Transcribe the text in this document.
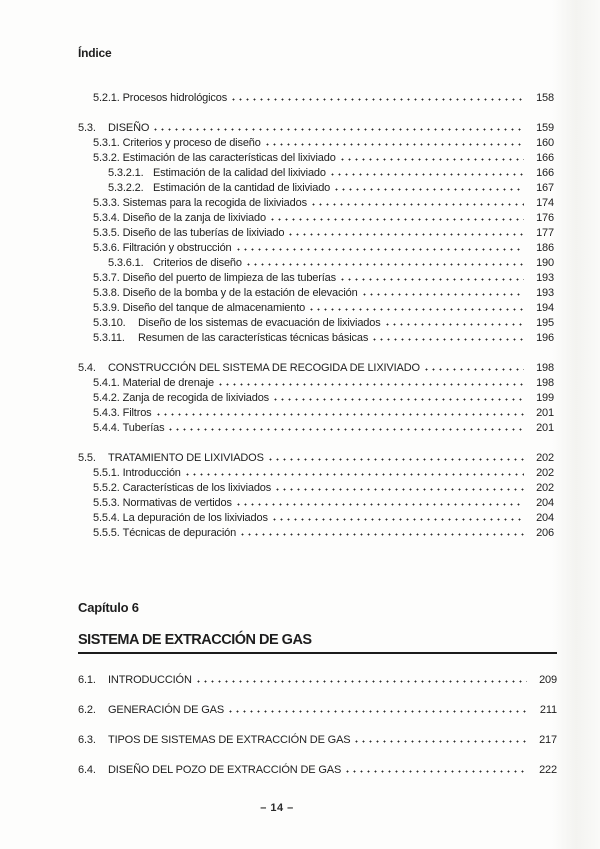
Índice
5.2.1. Procesos hidrológicos	158
5.3.	DISEÑO	159
5.3.1. Criterios y proceso de diseño	160
5.3.2. Estimación de las características del lixiviado	166
5.3.2.1. Estimación de la calidad del lixiviado	166
5.3.2.2. Estimación de la cantidad de lixiviado	167
5.3.3. Sistemas para la recogida de lixiviados	174
5.3.4. Diseño de la zanja de lixiviado	176
5.3.5. Diseño de las tuberías de lixiviado	177
5.3.6. Filtración y obstrucción	186
5.3.6.1. Criterios de diseño	190
5.3.7. Diseño del puerto de limpieza de las tuberías	193
5.3.8. Diseño de la bomba y de la estación de elevación	193
5.3.9. Diseño del tanque de almacenamiento	194
5.3.10.	Diseño de los sistemas de evacuación de lixiviados	195
5.3.11.	Resumen de las características técnicas básicas	196
5.4.	CONSTRUCCIÓN DEL SISTEMA DE RECOGIDA DE LIXIVIADO	198
5.4.1. Material de drenaje	198
5.4.2. Zanja de recogida de lixiviados	199
5.4.3. Filtros	201
5.4.4. Tuberías	201
5.5.	TRATAMIENTO DE LIXIVIADOS	202
5.5.1. Introducción	202
5.5.2. Características de los lixiviados	202
5.5.3. Normativas de vertidos	204
5.5.4. La depuración de los lixiviados	204
5.5.5. Técnicas de depuración	206
Capítulo 6
SISTEMA DE EXTRACCIÓN DE GAS
6.1.	INTRODUCCIÓN	209
6.2.	GENERACIÓN DE GAS	211
6.3.	TIPOS DE SISTEMAS DE EXTRACCIÓN DE GAS	217
6.4.	DISEÑO DEL POZO DE EXTRACCIÓN DE GAS	222
– 14 –
